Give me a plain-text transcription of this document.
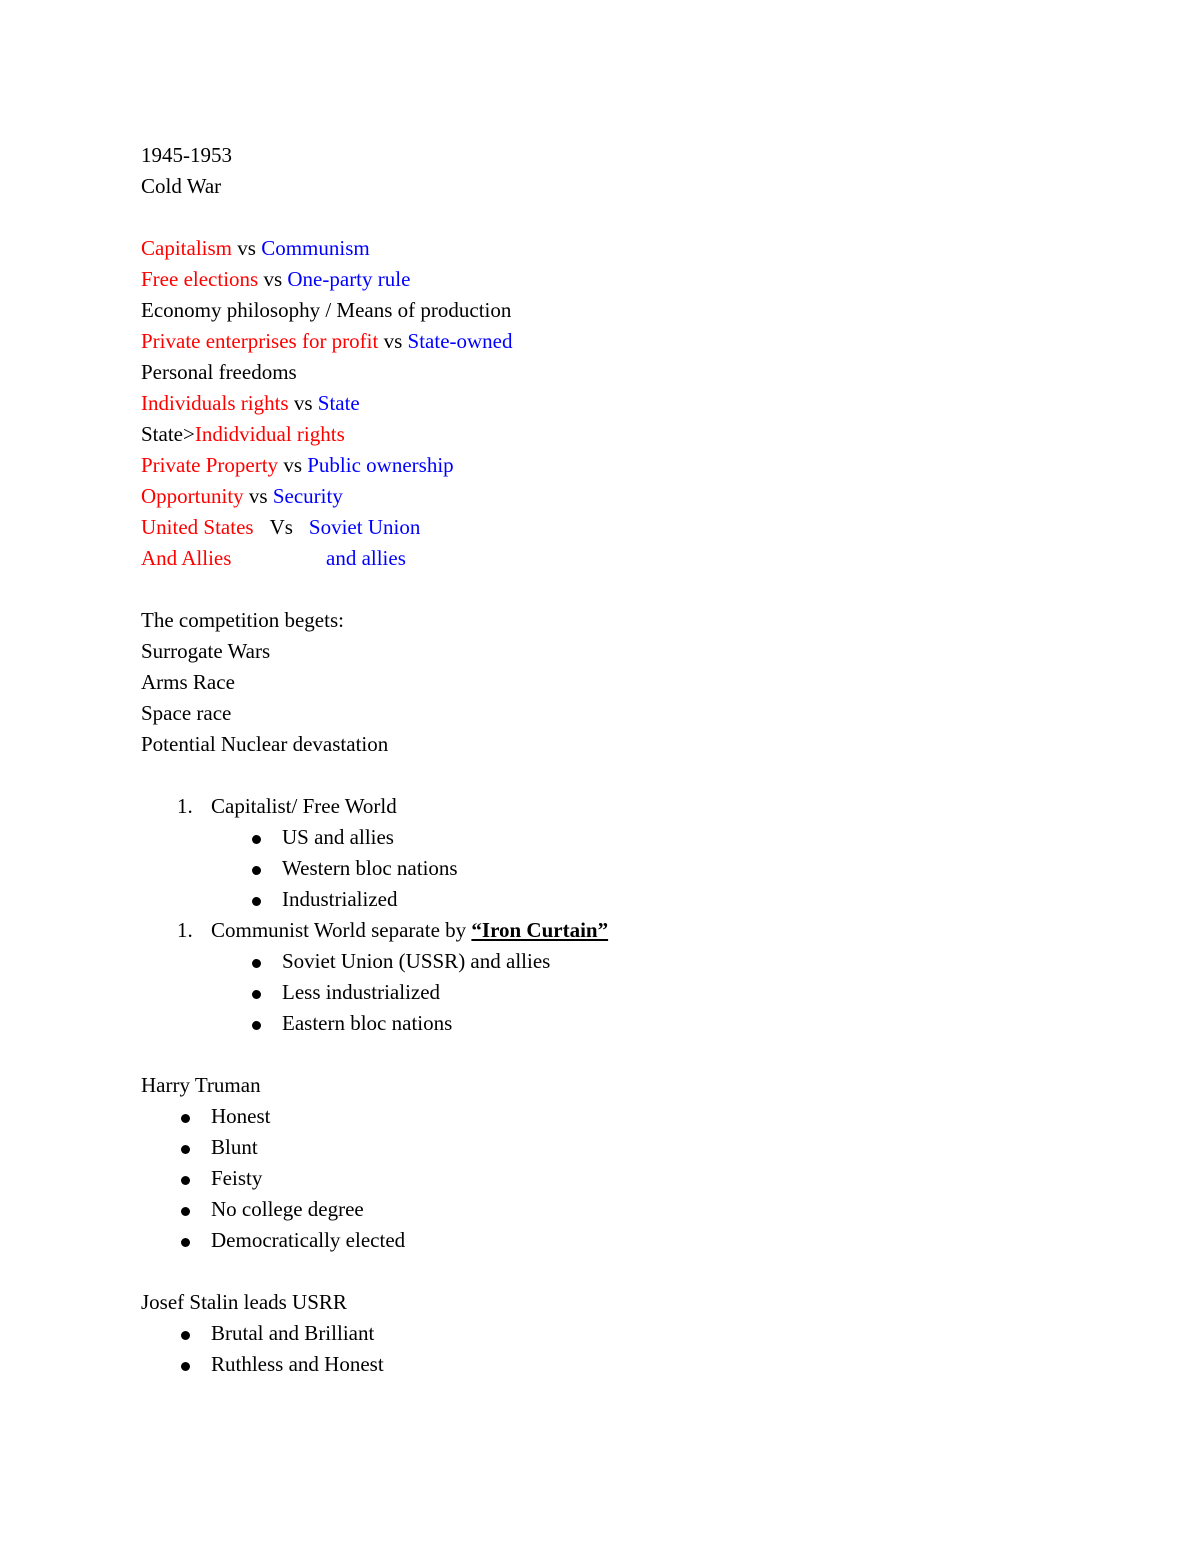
1945-1953
Cold War
Capitalism vs Communism
Free elections vs One-party rule
Economy philosophy / Means of production
Private enterprises for profit vs State-owned
Personal freedoms
Individuals rights vs State
State>Indidvidual rights
Private Property vs Public ownership
Opportunity vs Security
United States Vs Soviet Union
And Allies	and allies
The competition begets:
Surrogate Wars
Arms Race
Space race
Potential Nuclear devastation
1. Capitalist/ Free World
US and allies
Western bloc nations
Industrialized
1. Communist World separate by “Iron Curtain”
Soviet Union (USSR) and allies
Less industrialized
Eastern bloc nations
Harry Truman
Honest
Blunt
Feisty
No college degree
Democratically elected
Josef Stalin leads USRR
Brutal and Brilliant
Ruthless and Honest
